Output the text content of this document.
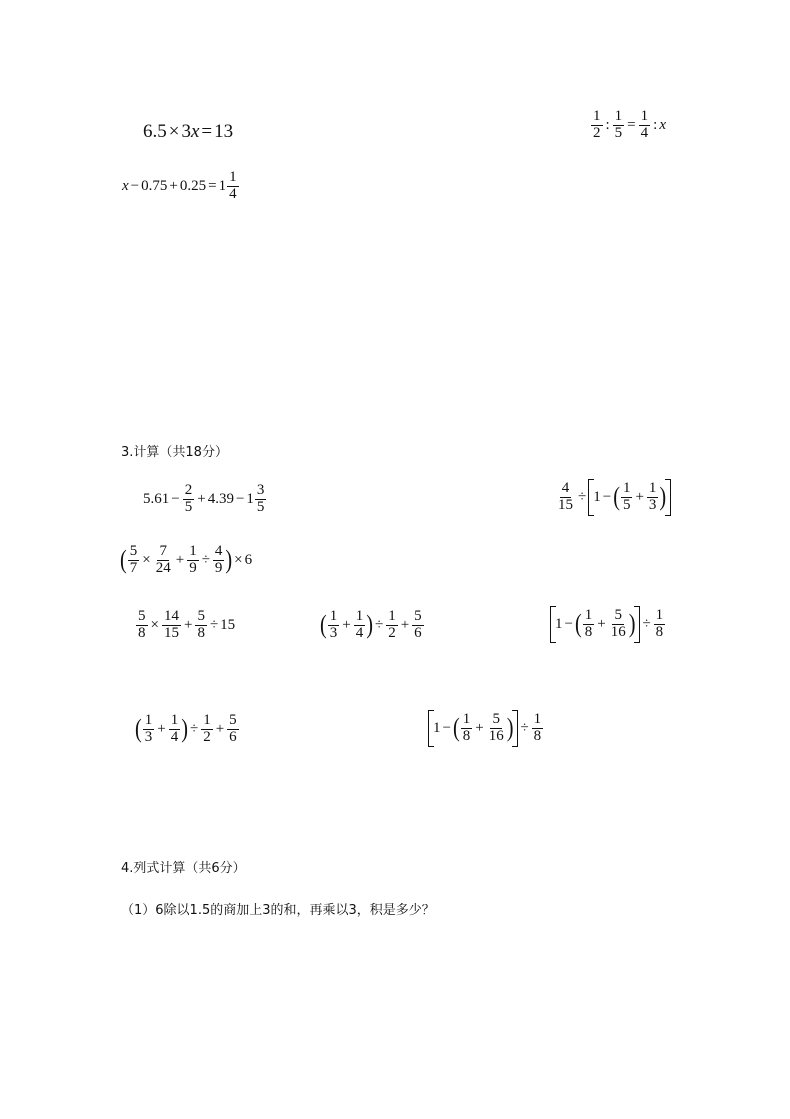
6.5 × 3 x = 13	$\frac{1}{2}$ : $\frac{1}{5} = \frac{1}{4}$ : x
$x - 0.75 + 0.25 = 1 \frac{1}{4}$
3.计算（共18分）
$5.61 - \frac{2}{5} + 4.39 - 1 \frac{3}{5}$	$\frac{4}{15} \div 1$ − ( $\frac{1}{5} + \frac{1}{3}$ )
( $\frac{5}{7} \times \frac{7}{24} + \frac{1}{9} \div \frac{4}{9}$ ) × 6
$\frac{5}{8} \times \frac{14}{15} + \frac{5}{8} \div 15$	( $\frac{1}{3} + \frac{1}{4}$ ) ÷ $\frac{1}{2} + \frac{5}{6}$	1 − ( $\frac{1}{8} + \frac{5}{16}$ ) ÷ $\frac{1}{8}$
( $\frac{1}{3} + \frac{1}{4}$ ) ÷ $\frac{1}{2} + \frac{5}{6}$	1 − ( $\frac{1}{8} + \frac{5}{16}$ ) ÷ $\frac{1}{8}$
4.列式计算（共6分）
（1）6除以1.5的商加上3的和，再乘以3，积是多少？
